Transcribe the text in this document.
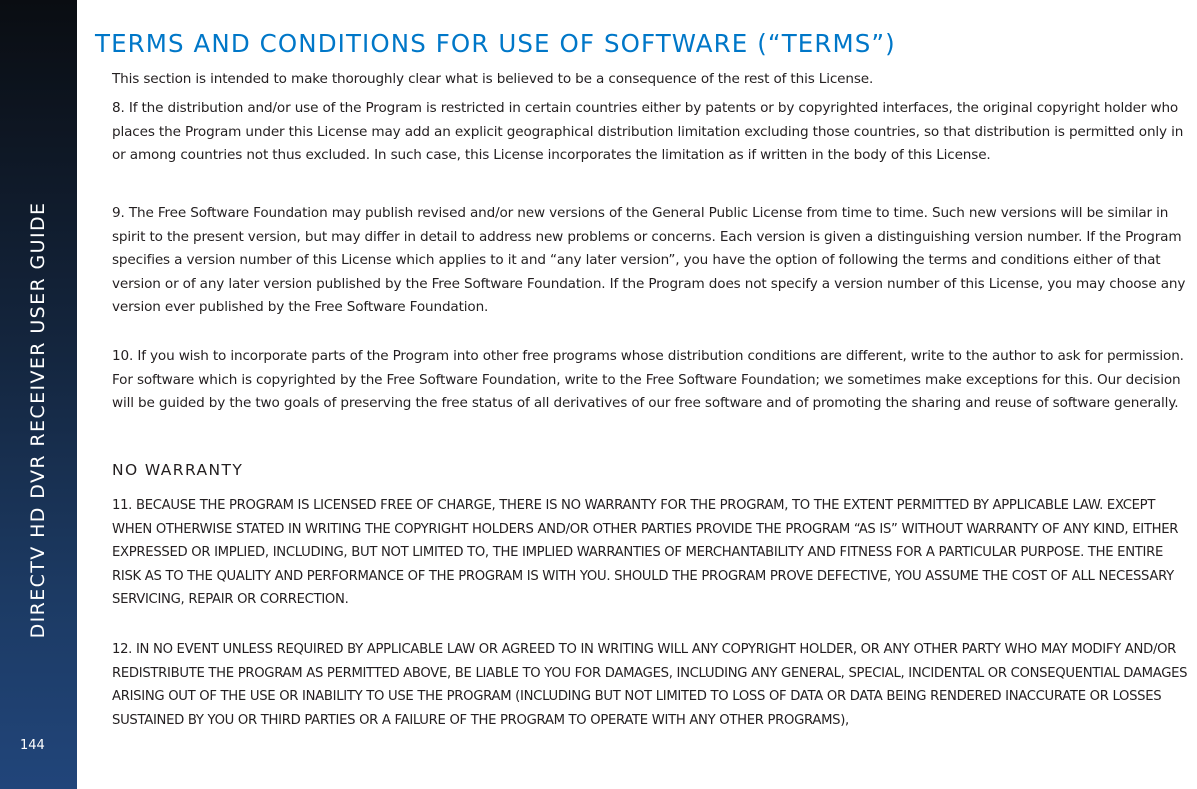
DIRECTV HD DVR RECEIVER USER GUIDE
144
TERMS AND CONDITIONS FOR USE OF SOFTWARE (“TERMS”)

This section is intended to make thoroughly clear what is believed to be a consequence of the rest of this License.

8. If the distribution and/or use of the Program is restricted in certain countries either by patents or by copyrighted interfaces, the original copyright holder who places the Program under this License may add an explicit geographical distribution limitation excluding those countries, so that distribution is permitted only in or among countries not thus excluded. In such case, this License incorporates the limitation as if written in the body of this License.

9. The Free Software Foundation may publish revised and/or new versions of the General Public License from time to time. Such new versions will be similar in spirit to the present version, but may differ in detail to address new problems or concerns. Each version is given a distinguishing version number. If the Program specifies a version number of this License which applies to it and “any later version”, you have the option of following the terms and conditions either of that version or of any later version published by the Free Software Foundation. If the Program does not specify a version number of this License, you may choose any version ever published by the Free Software Foundation.

10. If you wish to incorporate parts of the Program into other free programs whose distribution conditions are different, write to the author to ask for permission. For software which is copyrighted by the Free Software Foundation, write to the Free Software Foundation; we sometimes make exceptions for this. Our decision will be guided by the two goals of preserving the free status of all derivatives of our free software and of promoting the sharing and reuse of software generally.

NO WARRANTY

11. BECAUSE THE PROGRAM IS LICENSED FREE OF CHARGE, THERE IS NO WARRANTY FOR THE PROGRAM, TO THE EXTENT PERMITTED BY APPLICABLE LAW. EXCEPT WHEN OTHERWISE STATED IN WRITING THE COPYRIGHT HOLDERS AND/OR OTHER PARTIES PROVIDE THE PROGRAM “AS IS” WITHOUT WARRANTY OF ANY KIND, EITHER EXPRESSED OR IMPLIED, INCLUDING, BUT NOT LIMITED TO, THE IMPLIED WARRANTIES OF MERCHANTABILITY AND FITNESS FOR A PARTICULAR PURPOSE. THE ENTIRE RISK AS TO THE QUALITY AND PERFORMANCE OF THE PROGRAM IS WITH YOU. SHOULD THE PROGRAM PROVE DEFECTIVE, YOU ASSUME THE COST OF ALL NECESSARY SERVICING, REPAIR OR CORRECTION.

12. IN NO EVENT UNLESS REQUIRED BY APPLICABLE LAW OR AGREED TO IN WRITING WILL ANY COPYRIGHT HOLDER, OR ANY OTHER PARTY WHO MAY MODIFY AND/OR REDISTRIBUTE THE PROGRAM AS PERMITTED ABOVE, BE LIABLE TO YOU FOR DAMAGES, INCLUDING ANY GENERAL, SPECIAL, INCIDENTAL OR CONSEQUENTIAL DAMAGES ARISING OUT OF THE USE OR INABILITY TO USE THE PROGRAM (INCLUDING BUT NOT LIMITED TO LOSS OF DATA OR DATA BEING RENDERED INACCURATE OR LOSSES SUSTAINED BY YOU OR THIRD PARTIES OR A FAILURE OF THE PROGRAM TO OPERATE WITH ANY OTHER PROGRAMS),
